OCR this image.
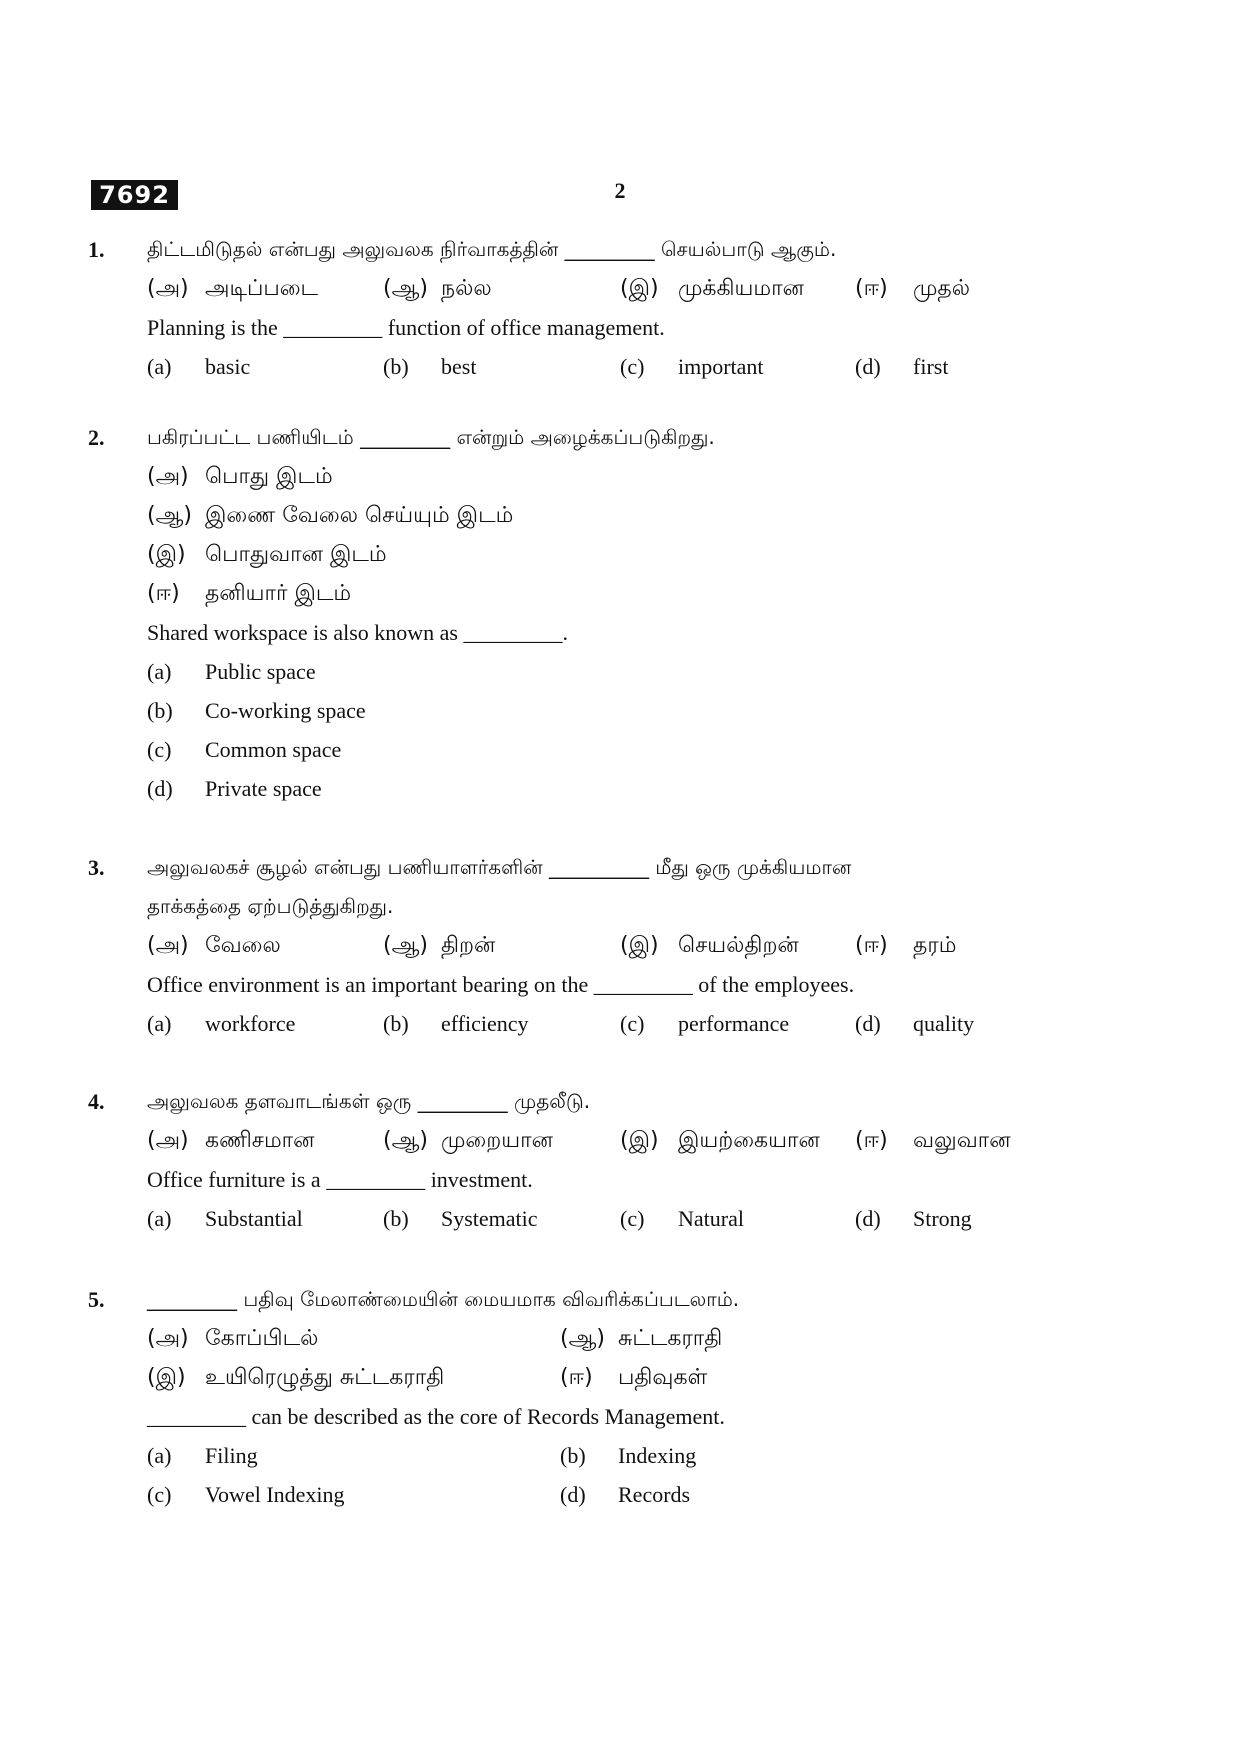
7692	2
1. திட்டமிடுதல் என்பது அலுவலக நிர்வாகத்தின் _________ செயல்பாடு ஆகும்.
(அ) அடிப்படை	(ஆ) நல்ல	(இ) முக்கியமான (ஈ) முதல்
Planning is the _________ function of office management.
(a) basic	(b) best	(c) important	(d) first
2. பகிரப்பட்ட பணியிடம் _________ என்றும் அழைக்கப்படுகிறது.
(அ) பொது இடம்
(ஆ) இணை வேலை செய்யும் இடம்
(இ) பொதுவான இடம்
(ஈ) தனியார் இடம்
Shared workspace is also known as _________.
(a) Public space
(b) Co-working space
(c) Common space
(d) Private space
3. அலுவலகச் சூழல் என்பது பணியாளர்களின் __________ மீது ஒரு முக்கியமான
தாக்கத்தை ஏற்படுத்துகிறது.
(அ) வேலை	(ஆ) திறன்	(இ) செயல்திறன்	(ஈ) தரம்
Office environment is an important bearing on the _________ of the employees.
(a) workforce	(b) efficiency	(c) performance	(d) quality
4. அலுவலக தளவாடங்கள் ஒரு _________ முதலீடு.
(அ) கணிசமான	(ஆ) முறையான	(இ) இயற்கையான (ஈ) வலுவான
Office furniture is a _________ investment.
(a) Substantial	(b) Systematic	(c) Natural	(d) Strong
5. _________ பதிவு மேலாண்மையின் மையமாக விவரிக்கப்படலாம்.
(அ) கோப்பிடல்	(ஆ) சுட்டகராதி
(இ) உயிரெழுத்து சுட்டகராதி	(ஈ) பதிவுகள்
_________ can be described as the core of Records Management.
(a) Filing	(b) Indexing
(c) Vowel Indexing	(d) Records
